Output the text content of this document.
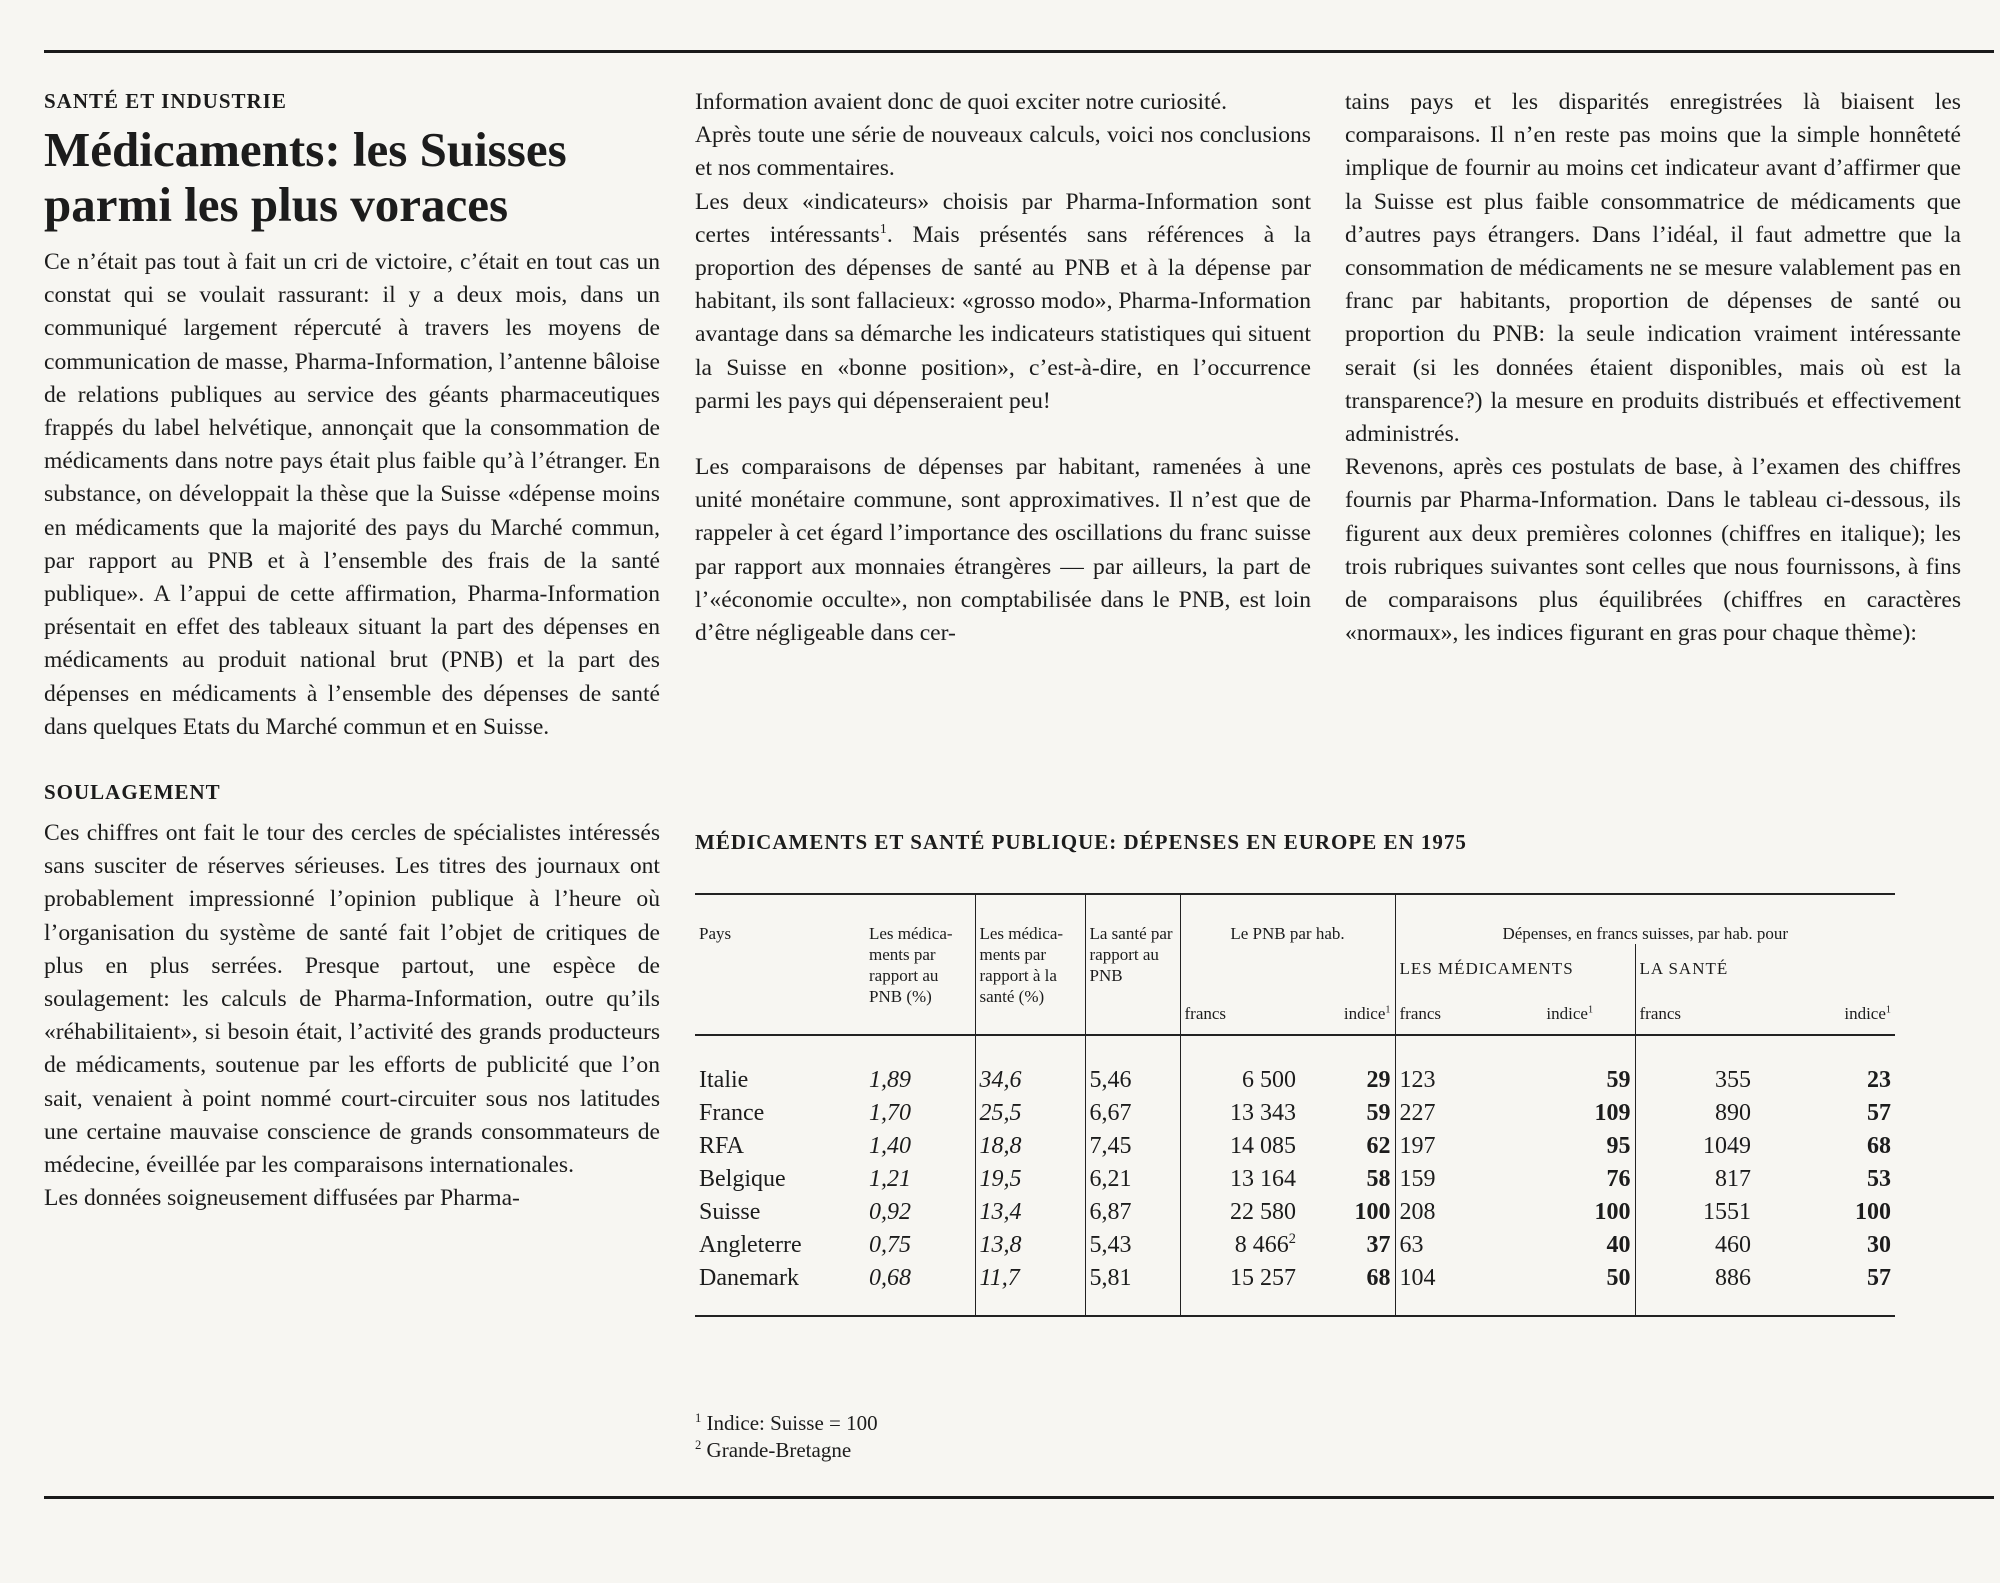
SANTÉ ET INDUSTRIE
Médicaments: les Suisses parmi les plus voraces

Ce n’était pas tout à fait un cri de victoire, c’était en tout cas un constat qui se voulait rassurant: il y a deux mois, dans un communiqué largement répercuté à travers les moyens de communication de masse, Pharma-Information, l’antenne bâloise de relations publiques au service des géants pharmaceutiques frappés du label helvétique, annonçait que la consommation de médicaments dans notre pays était plus faible qu’à l’étranger. En substance, on développait la thèse que la Suisse «dépense moins en médicaments que la majorité des pays du Marché commun, par rapport au PNB et à l’ensemble des frais de la santé publique». A l’appui de cette affirmation, Pharma-Information présentait en effet des tableaux situant la part des dépenses en médicaments au produit national brut (PNB) et la part des dépenses en médicaments à l’ensemble des dépenses de santé dans quelques Etats du Marché commun et en Suisse.

SOULAGEMENT

Ces chiffres ont fait le tour des cercles de spécialistes intéressés sans susciter de réserves sérieuses. Les titres des journaux ont probablement impressionné l’opinion publique à l’heure où l’organisation du système de santé fait l’objet de critiques de plus en plus serrées. Presque partout, une espèce de soulagement: les calculs de Pharma-Information, outre qu’ils «réhabilitaient», si besoin était, l’activité des grands producteurs de médicaments, soutenue par les efforts de publicité que l’on sait, venaient à point nommé court-circuiter sous nos latitudes une certaine mauvaise conscience de grands consommateurs de médecine, éveillée par les comparaisons internationales.

Les données soigneusement diffusées par Pharma-

Information avaient donc de quoi exciter notre curiosité.

Après toute une série de nouveaux calculs, voici nos conclusions et nos commentaires.

Les deux «indicateurs» choisis par Pharma-Information sont certes intéressants$^1$. Mais présentés sans références à la proportion des dépenses de santé au PNB et à la dépense par habitant, ils sont fallacieux: «grosso modo», Pharma-Information avantage dans sa démarche les indicateurs statistiques qui situent la Suisse en «bonne position», c’est-à-dire, en l’occurrence parmi les pays qui dépenseraient peu!

Les comparaisons de dépenses par habitant, ramenées à une unité monétaire commune, sont approximatives. Il n’est que de rappeler à cet égard l’importance des oscillations du franc suisse par rapport aux monnaies étrangères — par ailleurs, la part de l’«économie occulte», non comptabilisée dans le PNB, est loin d’être négligeable dans cer-

tains pays et les disparités enregistrées là biaisent les comparaisons. Il n’en reste pas moins que la simple honnêteté implique de fournir au moins cet indicateur avant d’affirmer que la Suisse est plus faible consommatrice de médicaments que d’autres pays étrangers. Dans l’idéal, il faut admettre que la consommation de médicaments ne se mesure valablement pas en franc par habitants, proportion de dépenses de santé ou proportion du PNB: la seule indication vraiment intéressante serait (si les données étaient disponibles, mais où est la transparence?) la mesure en produits distribués et effectivement administrés.

Revenons, après ces postulats de base, à l’examen des chiffres fournis par Pharma-Information. Dans le tableau ci-dessous, ils figurent aux deux premières colonnes (chiffres en italique); les trois rubriques suivantes sont celles que nous fournissons, à fins de comparaisons plus équilibrées (chiffres en caractères «normaux», les indices figurant en gras pour chaque thème):

MÉDICAMENTS ET SANTÉ PUBLIQUE: DÉPENSES EN EUROPE EN 1975
Pays	Les médica-ments par rapport au PNB (%)	Les médica-ments par rapport à la santé (%)	La santé par rapport au PNB	Le PNB par hab.		Dépenses, en francs suisses, par hab. pour			
						LES MÉDICAMENTS		LA SANTÉ	
				francs	indice$^1$	francs	indice$^1$	francs	indice$^1$

Italie	1,89	34,6	5,46	6 500	29	123	59	355	23
France	1,70	25,5	6,67	13 343	59	227	109	890	57
RFA	1,40	18,8	7,45	14 085	62	197	95	1049	68
Belgique	1,21	19,5	6,21	13 164	58	159	76	817	53
Suisse	0,92	13,4	6,87	22 580	100	208	100	1551	100
Angleterre	0,75	13,8	5,43	8 $466^2$	37	63	40	460	30
Danemark	0,68	11,7	5,81	15 257	68	104	50	886	57
$^1$ Indice: Suisse = 100
$^2$ Grande-Bretagne
